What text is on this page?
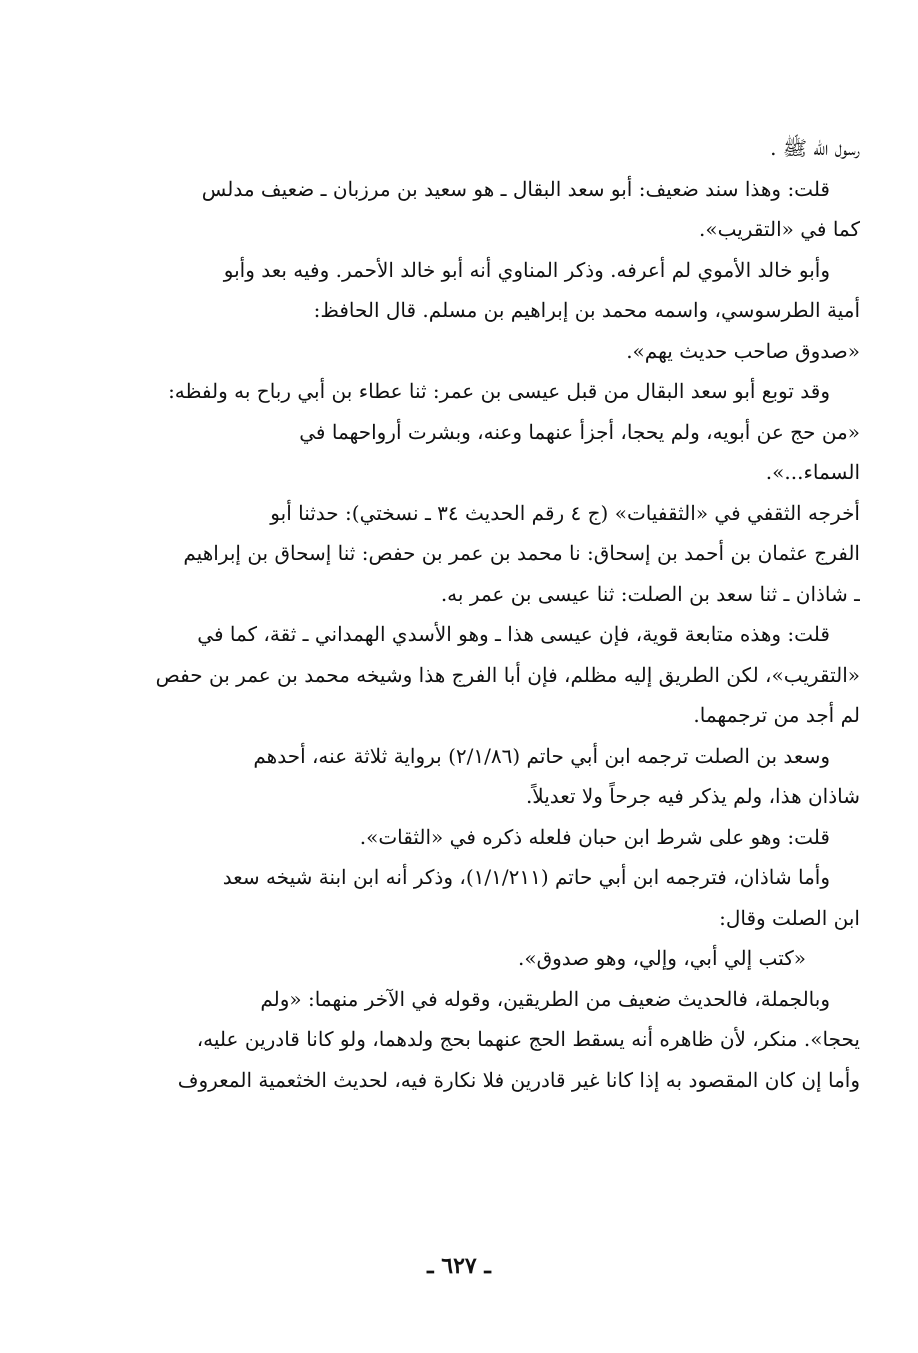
رسول الله ﷺ .
قلت: وهذا سند ضعيف: أبو سعد البقال ـ هو سعيد بن مرزبان ـ ضعيف مدلس
كما في «التقريب».
وأبو خالد الأموي لم أعرفه. وذكر المناوي أنه أبو خالد الأحمر. وفيه بعد وأبو
أمية الطرسوسي، واسمه محمد بن إبراهيم بن مسلم. قال الحافظ:
«صدوق صاحب حديث يهم».
وقد توبع أبو سعد البقال من قبل عيسى بن عمر: ثنا عطاء بن أبي رباح به ولفظه:
«من حج عن أبويه، ولم يحجا، أجزأ عنهما وعنه، وبشرت أرواحهما في
السماء...».
أخرجه الثقفي في «الثقفيات» (ج ٤ رقم الحديث ٣٤ ـ نسختي): حدثنا أبو
الفرج عثمان بن أحمد بن إسحاق: نا محمد بن عمر بن حفص: ثنا إسحاق بن إبراهيم
ـ شاذان ـ ثنا سعد بن الصلت: ثنا عيسى بن عمر به.
قلت: وهذه متابعة قوية، فإن عيسى هذا ـ وهو الأسدي الهمداني ـ ثقة، كما في
«التقريب»، لكن الطريق إليه مظلم، فإن أبا الفرج هذا وشيخه محمد بن عمر بن حفص
لم أجد من ترجمهما.
وسعد بن الصلت ترجمه ابن أبي حاتم (٢/١/٨٦) برواية ثلاثة عنه، أحدهم
شاذان هذا، ولم يذكر فيه جرحاً ولا تعديلاً.
قلت: وهو على شرط ابن حبان فلعله ذكره في «الثقات».
وأما شاذان، فترجمه ابن أبي حاتم (١/١/٢١١)، وذكر أنه ابن ابنة شيخه سعد
ابن الصلت وقال:
«كتب إلي أبي، وإلي، وهو صدوق».
وبالجملة، فالحديث ضعيف من الطريقين، وقوله في الآخر منهما: «ولم
يحجا». منكر، لأن ظاهره أنه يسقط الحج عنهما بحج ولدهما، ولو كانا قادرين عليه،
وأما إن كان المقصود به إذا كانا غير قادرين فلا نكارة فيه، لحديث الخثعمية المعروف
ـ ٦٢٧ ـ
